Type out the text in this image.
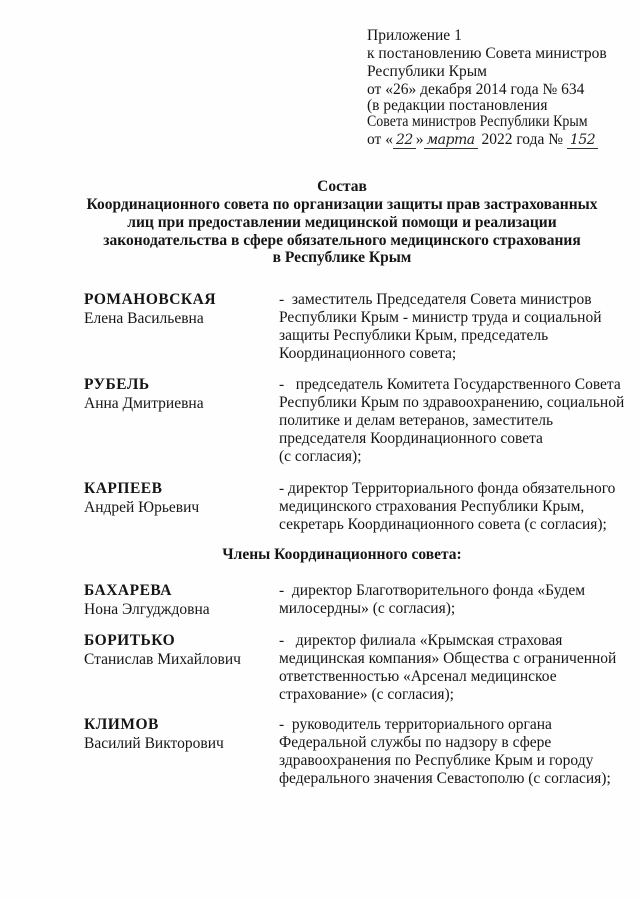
Приложение 1
к постановлению Совета министров
Республики Крым
от «26» декабря 2014 года № 634
(в редакции постановления
Совета министров Республики Крым
от « 22 » марта 2022 года № 152
Состав
Координационного совета по организации защиты прав застрахованных
лиц при предоставлении медицинской помощи и реализации
законодательства в сфере обязательного медицинского страхования
в Республике Крым
РОМАНОВСКАЯ
Елена Васильевна
-  заместитель Председателя Совета министров
Республики Крым - министр труда и социальной
защиты Республики Крым, председатель
Координационного совета;
РУБЕЛЬ
Анна Дмитриевна
-   председатель Комитета Государственного Совета
Республики Крым по здравоохранению, социальной
политике и делам ветеранов, заместитель
председателя Координационного совета
(с согласия);
КАРПЕЕВ
Андрей Юрьевич
- директор Территориального фонда обязательного
медицинского страхования Республики Крым,
секретарь Координационного совета (с согласия);
Члены Координационного совета:
БАХАРЕВА
Нона Элгудждовна
-  директор Благотворительного фонда «Будем
милосердны» (с согласия);
БОРИТЬКО
Станислав Михайлович
-   директор филиала «Крымская страховая
медицинская компания» Общества с ограниченной
ответственностью «Арсенал медицинское
страхование» (с согласия);
КЛИМОВ
Василий Викторович
-  руководитель территориального органа
Федеральной службы по надзору в сфере
здравоохранения по Республике Крым и городу
федерального значения Севастополю (с согласия);
